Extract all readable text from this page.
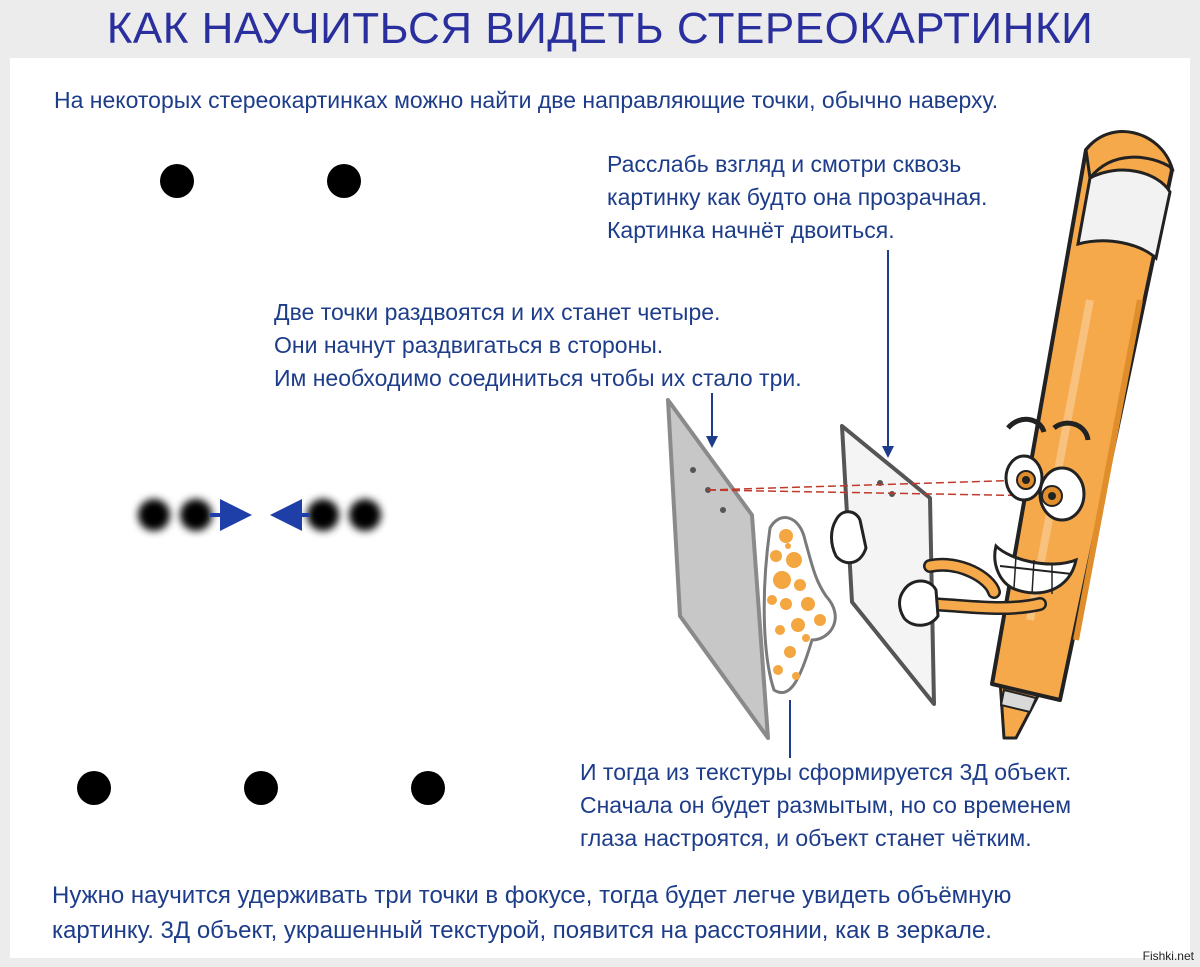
КАК НАУЧИТЬСЯ ВИДЕТЬ СТЕРЕОКАРТИНКИ
На некоторых стереокартинках можно найти две направляющие точки, обычно наверху.
Расслабь взгляд и смотри сквозь
картинку как будто она прозрачная.
Картинка начнёт двоиться.
Две точки раздвоятся и их станет четыре.
Они начнут раздвигаться в стороны.
Им необходимо соединиться чтобы их стало три.
И тогда из текстуры сформируется 3Д объект.
Сначала он будет размытым, но со временем
глаза настроятся, и объект станет чётким.
Нужно научится удерживать три точки в фокусе, тогда будет легче увидеть объёмную
картинку. 3Д объект, украшенный текстурой, появится на расстоянии, как в зеркале.
Fishki.net
